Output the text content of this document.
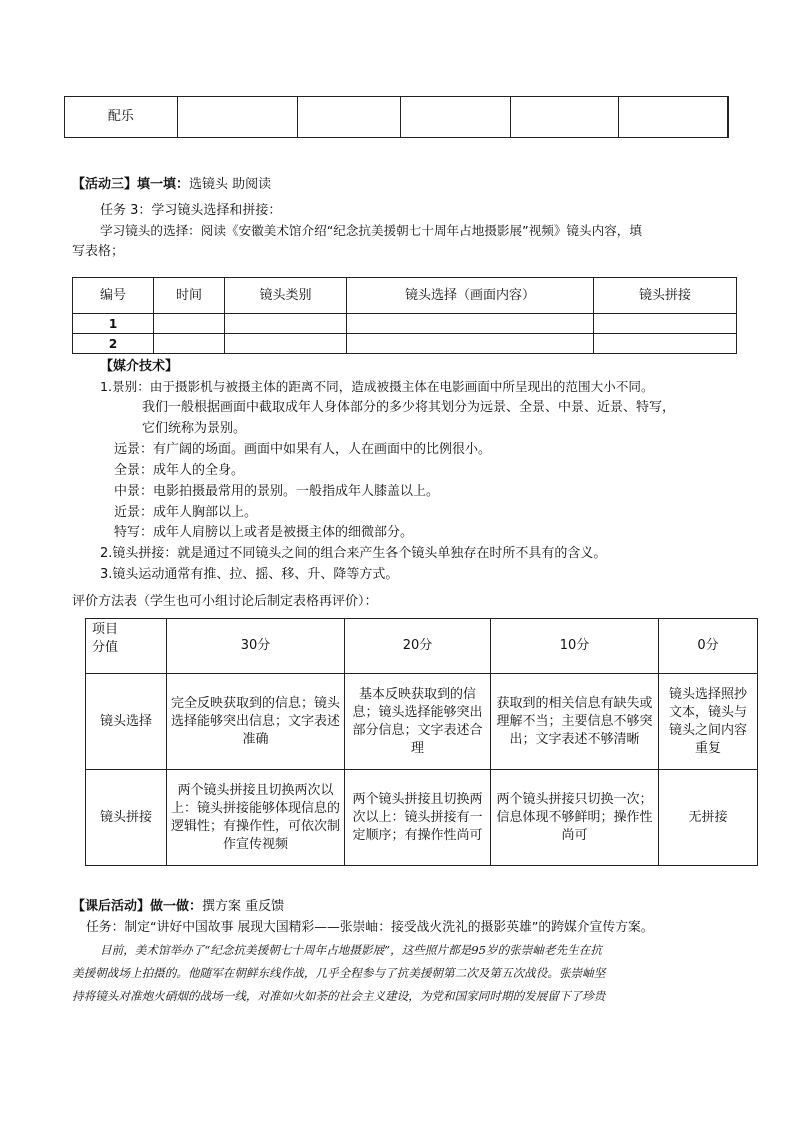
配乐						
【活动三】填一填：选镜头 助阅读
任务 3：学习镜头选择和拼接：
学习镜头的选择：阅读《安徽美术馆介绍“纪念抗美援朝七十周年占地摄影展”视频》镜头内容，填
写表格；
编号	时间	镜头类别	镜头选择（画面内容）	镜头拼接
1				
2				
【媒介技术】
1.景别：由于摄影机与被摄主体的距离不同，造成被摄主体在电影画面中所呈现出的范围大小不同。
我们一般根据画面中截取成年人身体部分的多少将其划分为远景、全景、中景、近景、特写，
它们统称为景别。
远景：有广阔的场面。画面中如果有人，人在画面中的比例很小。
全景：成年人的全身。
中景：电影拍摄最常用的景别。一般指成年人膝盖以上。
近景：成年人胸部以上。
特写：成年人肩膀以上或者是被摄主体的细微部分。
2.镜头拼接：就是通过不同镜头之间的组合来产生各个镜头单独存在时所不具有的含义。
3.镜头运动通常有推、拉、摇、移、升、降等方式。
评价方法表（学生也可小组讨论后制定表格再评价）：
项目
分值	30分	20分	10分	0分
镜头选择	完全反映获取到的信息；镜头选择能够突出信息；文字表述准确	基本反映获取到的信息；镜头选择能够突出部分信息；文字表述合理	获取到的相关信息有缺失或理解不当；主要信息不够突出；文字表述不够清晰	镜头选择照抄文本，镜头与镜头之间内容重复

镜头拼接	两个镜头拼接且切换两次以上：镜头拼接能够体现信息的逻辑性；有操作性，可依次制作宣传视频	两个镜头拼接且切换两次以上：镜头拼接有一定顺序；有操作性尚可	两个镜头拼接只切换一次；信息体现不够鲜明；操作性尚可	无拼接
【课后活动】做一做：撰方案 重反馈
任务：制定“讲好中国故事 展现大国精彩——张崇岫：接受战火洗礼的摄影英雄”的跨媒介宣传方案。
目前，美术馆举办了“纪念抗美援朝七十周年占地摄影展”，这些照片都是95岁的张崇岫老先生在抗
美援朝战场上拍摄的。他随军在朝鲜东线作战，几乎全程参与了抗美援朝第二次及第五次战役。张崇岫坚
持将镜头对准炮火硝烟的战场一线，对准如火如荼的社会主义建设，为党和国家同时期的发展留下了珍贵
